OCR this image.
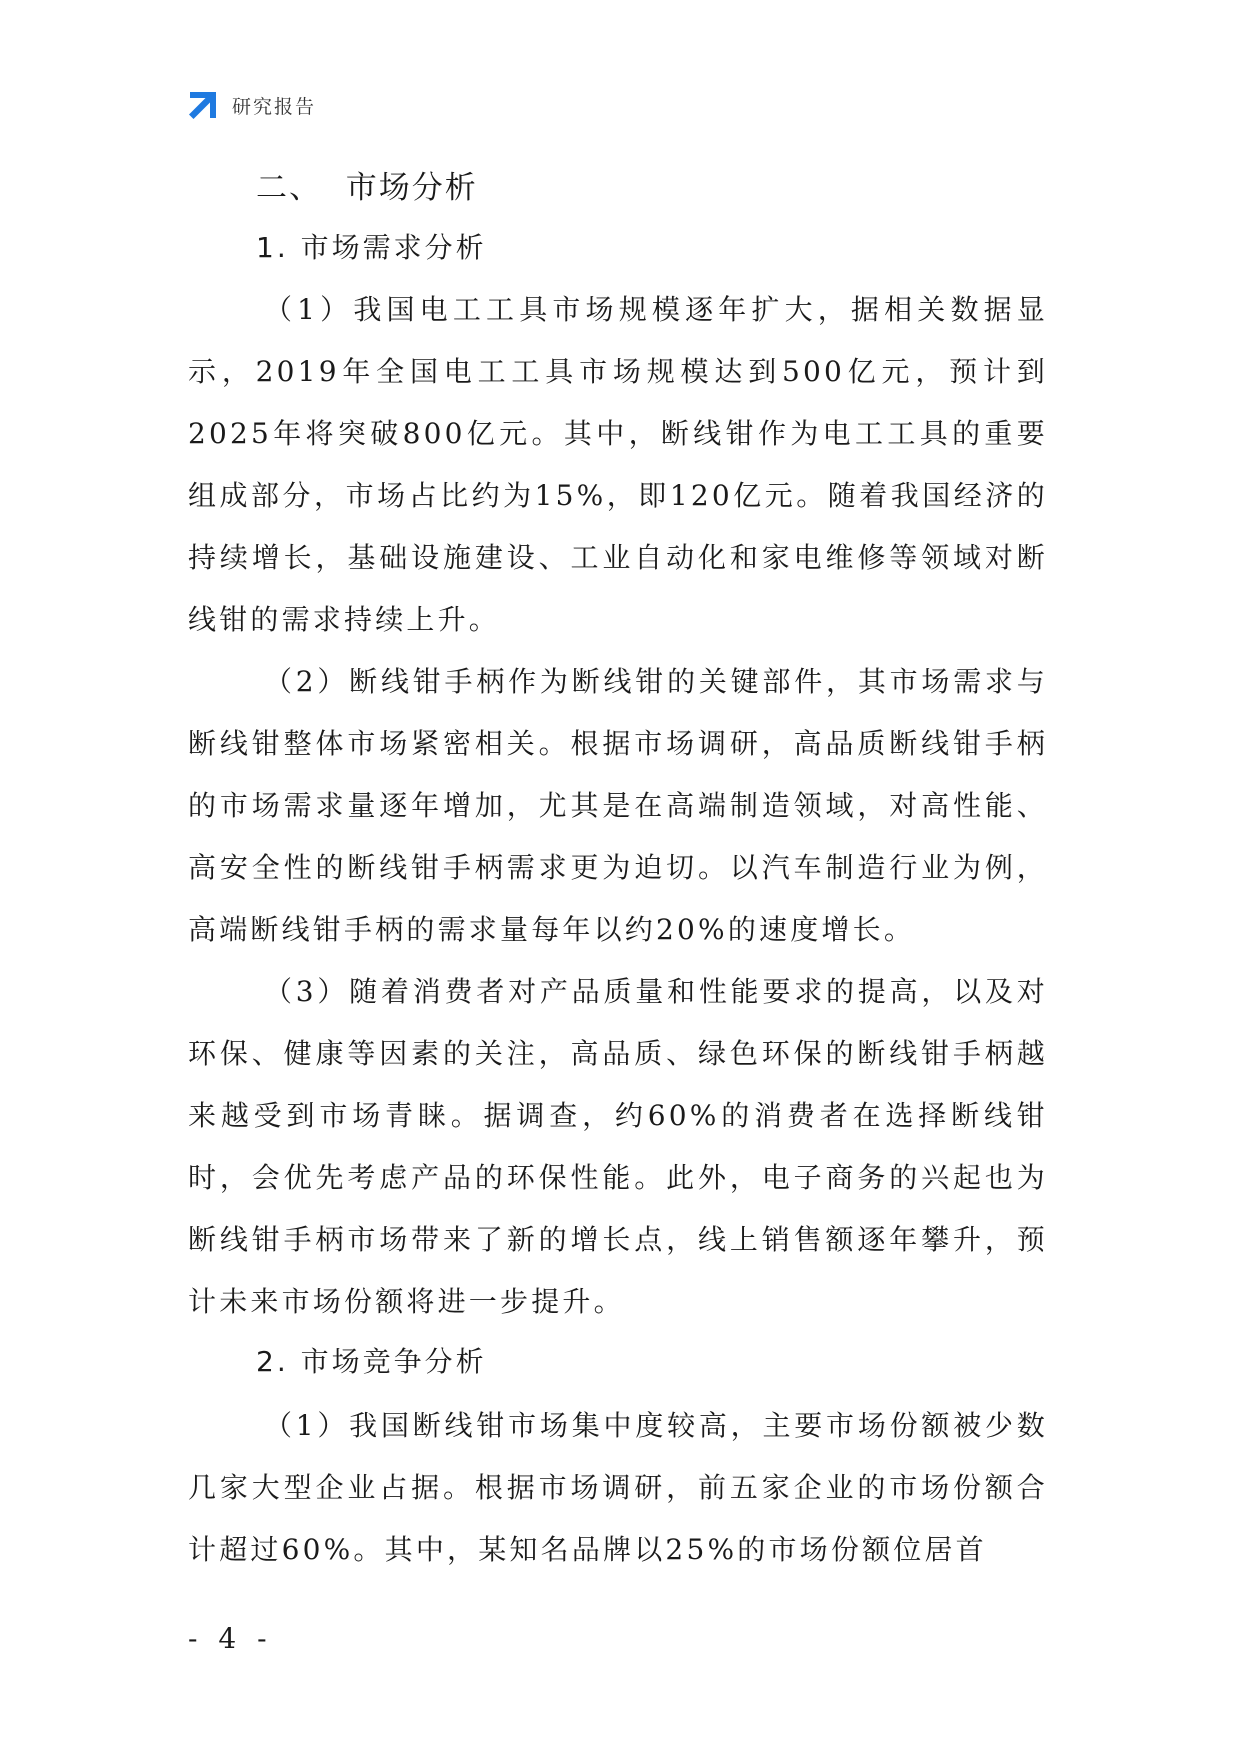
研究报告
二、  市场分析
1. 市场需求分析

（1）我国电工工具市场规模逐年扩大，据相关数据显示，2019年全国电工工具市场规模达到500亿元，预计到2025年将突破800亿元。其中，断线钳作为电工工具的重要组成部分，市场占比约为15%，即120亿元。随着我国经济的持续增长，基础设施建设、工业自动化和家电维修等领域对断线钳的需求持续上升。

（2）断线钳手柄作为断线钳的关键部件，其市场需求与断线钳整体市场紧密相关。根据市场调研，高品质断线钳手柄的市场需求量逐年增加，尤其是在高端制造领域，对高性能、高安全性的断线钳手柄需求更为迫切。以汽车制造行业为例，高端断线钳手柄的需求量每年以约20%的速度增长。

（3）随着消费者对产品质量和性能要求的提高，以及对环保、健康等因素的关注，高品质、绿色环保的断线钳手柄越来越受到市场青睐。据调查，约60%的消费者在选择断线钳时，会优先考虑产品的环保性能。此外，电子商务的兴起也为断线钳手柄市场带来了新的增长点，线上销售额逐年攀升，预计未来市场份额将进一步提升。

2. 市场竞争分析

（1）我国断线钳市场集中度较高，主要市场份额被少数几家大型企业占据。根据市场调研，前五家企业的市场份额合计超过60%。其中，某知名品牌以25%的市场份额位居首

- 4 -
